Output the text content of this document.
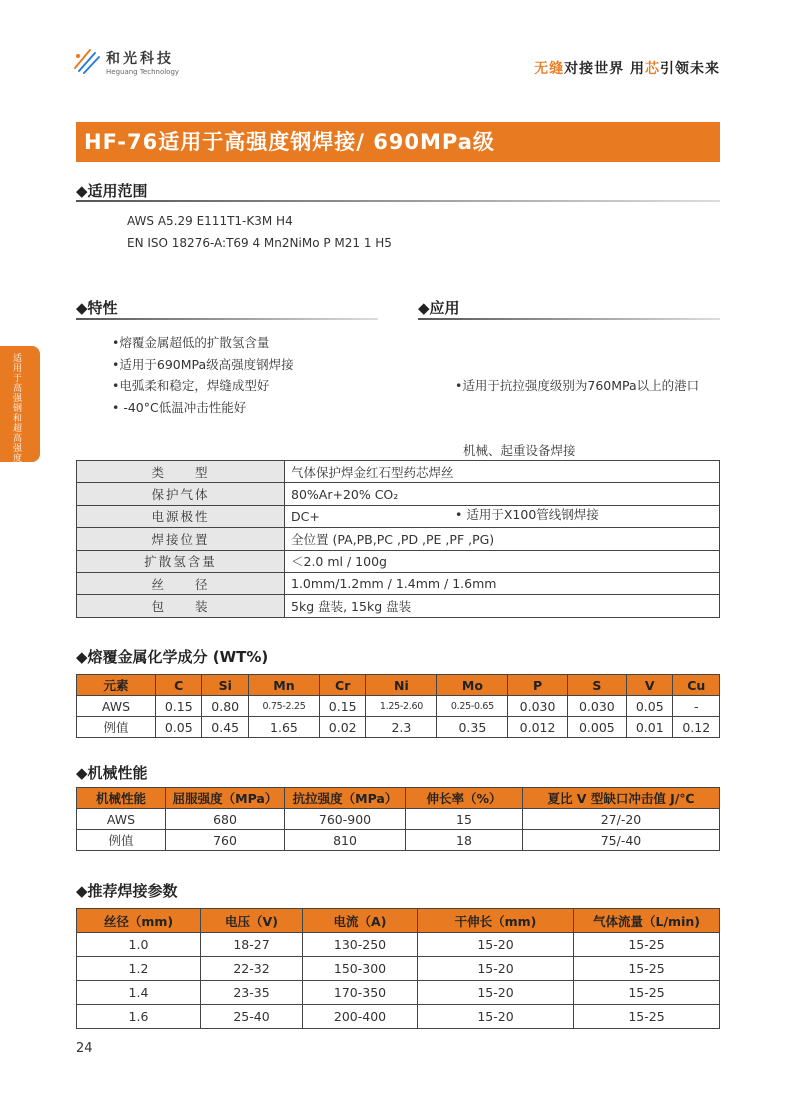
和光科技
Heguang Technology	无缝对接世界 用芯引领未来
HF-76适用于高强度钢焊接/ 690MPa级
适用于高强钢和超高强度钢
◆适用范围
AWS A5.29 E111T1-K3M H4
EN ISO 18276-A:T69 4 Mn2NiMo P M21 1 H5
◆特性
•熔覆金属超低的扩散氢含量
•适用于690MPa级高强度钢焊接
•电弧柔和稳定，焊缝成型好
• -40°C低温冲击性能好
◆应用

•适用于抗拉强度级别为760MPa以上的港口

机械、起重设备焊接

• 适用于X100管线钢焊接

类　　型	气体保护焊金红石型药芯焊丝
保护气体	80%Ar+20% CO₂
电源极性	DC+
焊接位置	全位置 (PA,PB,PC ,PD ,PE ,PF ,PG)
扩散氢含量	＜2.0 ml / 100g
丝　　径	1.0mm/1.2mm / 1.4mm / 1.6mm
包　　装	5kg 盘装, 15kg 盘装
◆熔覆金属化学成分 (WT%)
元素	C	Si	Mn	Cr	Ni	Mo	P	S	V	Cu
AWS	0.15	0.80	0.75-2.25	0.15	1.25-2.60	0.25-0.65	0.030	0.030	0.05	-
例值	0.05	0.45	1.65	0.02	2.3	0.35	0.012	0.005	0.01	0.12
◆机械性能
机械性能	屈服强度（MPa）	抗拉强度（MPa）	伸长率（%）	夏比 V 型缺口冲击值 J/℃
AWS	680	760-900	15	27/-20
例值	760	810	18	75/-40
◆推荐焊接参数
丝径（mm)	电压（V)	电流（A)	干伸长（mm)	气体流量（L/min)
1.0	18-27	130-250	15-20	15-25
1.2	22-32	150-300	15-20	15-25
1.4	23-35	170-350	15-20	15-25
1.6	25-40	200-400	15-20	15-25
24
